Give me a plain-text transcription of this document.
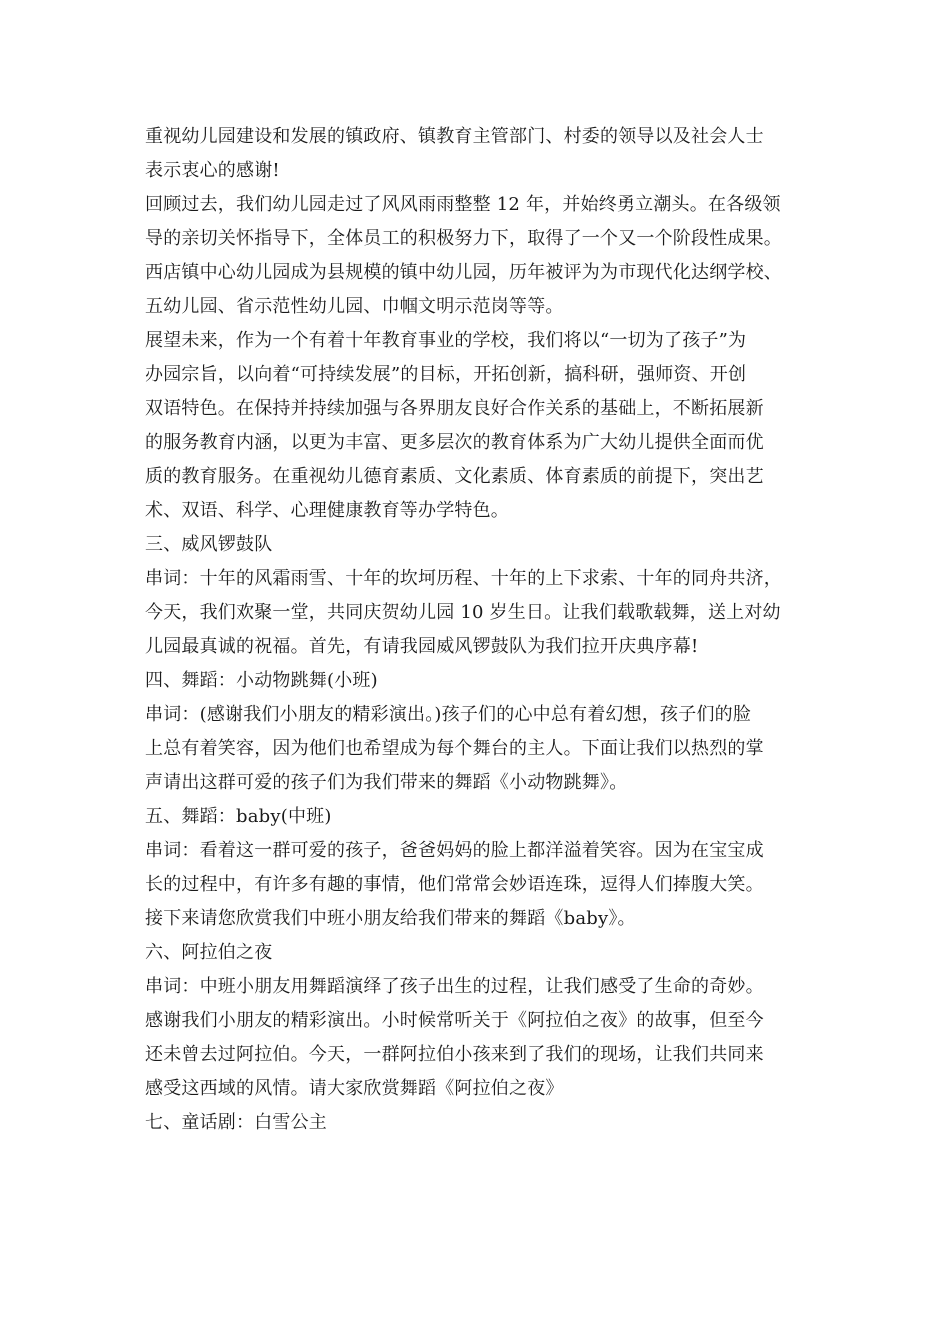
重视幼儿园建设和发展的镇政府、镇教育主管部门、村委的领导以及社会人士
表示衷心的感谢!
回顾过去，我们幼儿园走过了风风雨雨整整 12 年，并始终勇立潮头。在各级领
导的亲切关怀指导下，全体员工的积极努力下，取得了一个又一个阶段性成果。
西店镇中心幼儿园成为县规模的镇中幼儿园，历年被评为为市现代化达纲学校、
五幼儿园、省示范性幼儿园、巾帼文明示范岗等等。
展望未来，作为一个有着十年教育事业的学校，我们将以“一切为了孩子”为
办园宗旨，以向着“可持续发展”的目标，开拓创新，搞科研，强师资、开创
双语特色。在保持并持续加强与各界朋友良好合作关系的基础上，不断拓展新
的服务教育内涵，以更为丰富、更多层次的教育体系为广大幼儿提供全面而优
质的教育服务。在重视幼儿德育素质、文化素质、体育素质的前提下，突出艺
术、双语、科学、心理健康教育等办学特色。
三、威风锣鼓队
串词：十年的风霜雨雪、十年的坎坷历程、十年的上下求索、十年的同舟共济，
今天，我们欢聚一堂，共同庆贺幼儿园 10 岁生日。让我们载歌载舞，送上对幼
儿园最真诚的祝福。首先，有请我园威风锣鼓队为我们拉开庆典序幕!
四、舞蹈：小动物跳舞(小班)
串词：(感谢我们小朋友的精彩演出。)孩子们的心中总有着幻想，孩子们的脸
上总有着笑容，因为他们也希望成为每个舞台的主人。下面让我们以热烈的掌
声请出这群可爱的孩子们为我们带来的舞蹈《小动物跳舞》。
五、舞蹈：baby(中班)
串词：看着这一群可爱的孩子，爸爸妈妈的脸上都洋溢着笑容。因为在宝宝成
长的过程中，有许多有趣的事情，他们常常会妙语连珠，逗得人们捧腹大笑。
接下来请您欣赏我们中班小朋友给我们带来的舞蹈《baby》。
六、阿拉伯之夜
串词：中班小朋友用舞蹈演绎了孩子出生的过程，让我们感受了生命的奇妙。
感谢我们小朋友的精彩演出。小时候常听关于《阿拉伯之夜》的故事，但至今
还未曾去过阿拉伯。今天，一群阿拉伯小孩来到了我们的现场，让我们共同来
感受这西域的风情。请大家欣赏舞蹈《阿拉伯之夜》
七、童话剧：白雪公主
